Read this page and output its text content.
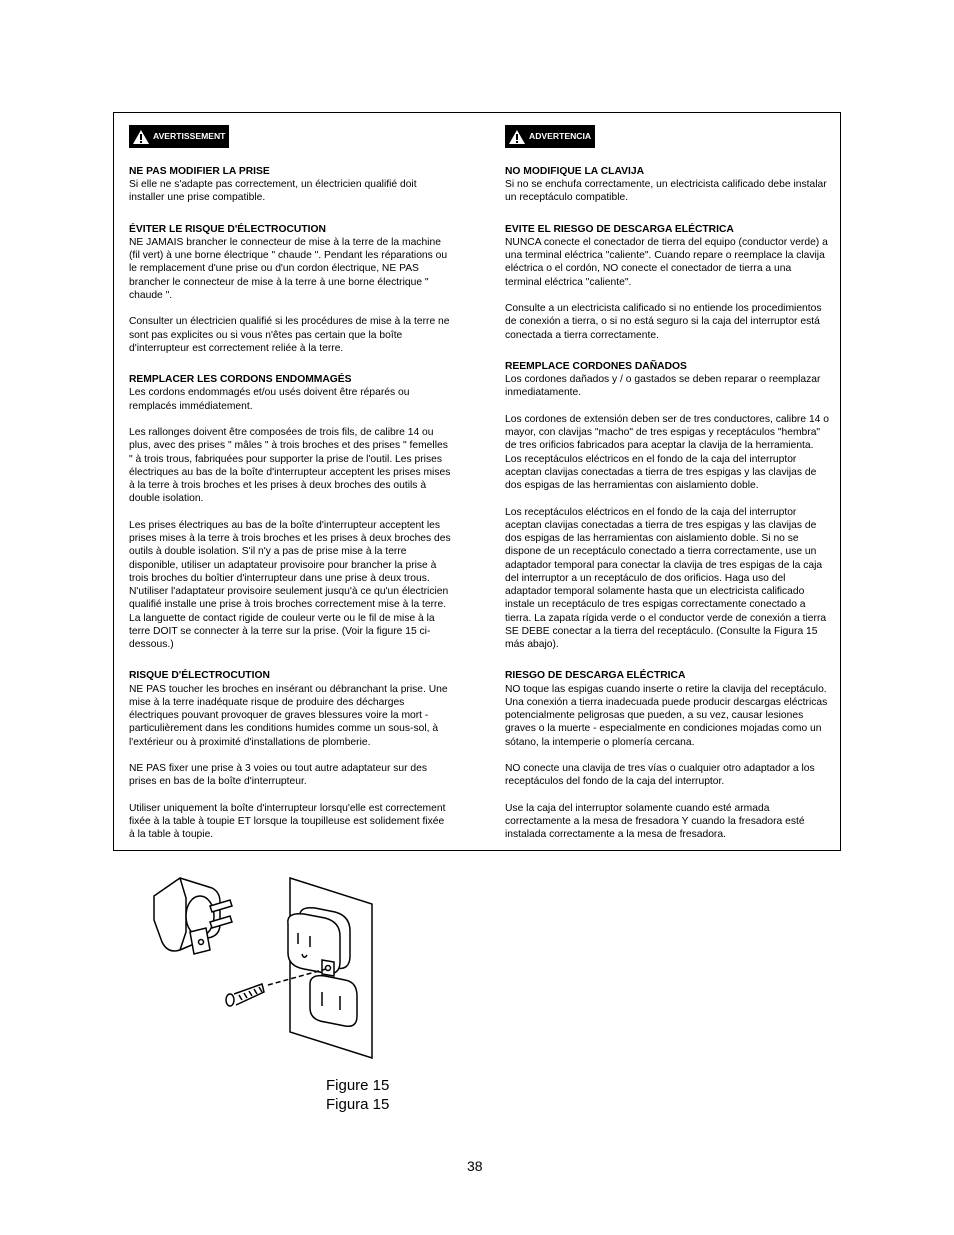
AVERTISSEMENT
NE PAS MODIFIER LA PRISE

Si elle ne s'adapte pas correctement, un électricien qualifié doit installer une prise compatible.

ÉVITER LE RISQUE D'ÉLECTROCUTION

NE JAMAIS brancher le connecteur de mise à la terre de la machine (fil vert) à une borne électrique " chaude ". Pendant les réparations ou le remplacement d'une prise ou d'un cordon électrique, NE PAS brancher le connecteur de mise à la terre à une borne électrique " chaude ".

Consulter un électricien qualifié si les procédures de mise à la terre ne sont pas explicites ou si vous n'êtes pas certain que la boîte d'interrupteur est correctement reliée à la terre.

REMPLACER LES CORDONS ENDOMMAGÉS

Les cordons endommagés et/ou usés doivent être réparés ou remplacés immédiatement.

Les rallonges doivent être composées de trois fils, de calibre 14 ou plus, avec des prises " mâles " à trois broches et des prises " femelles " à trois trous, fabriquées pour supporter la prise de l'outil. Les prises électriques au bas de la boîte d'interrupteur acceptent les prises mises à la terre à trois broches et les prises à deux broches des outils à double isolation.

Les prises électriques au bas de la boîte d'interrupteur acceptent les prises mises à la terre à trois broches et les prises à deux broches des outils à double isolation. S'il n'y a pas de prise mise à la terre disponible, utiliser un adaptateur provisoire pour brancher la prise à trois broches du boîtier d'interrupteur dans une prise à deux trous. N'utiliser l'adaptateur provisoire seulement jusqu'à ce qu'un électricien qualifié installe une prise à trois broches correctement mise à la terre. La languette de contact rigide de couleur verte ou le fil de mise à la terre DOIT se connecter à la terre sur la prise. (Voir la figure 15 ci-dessous.)

RISQUE D'ÉLECTROCUTION

NE PAS toucher les broches en insérant ou débranchant la prise. Une mise à la terre inadéquate risque de produire des décharges électriques pouvant provoquer de graves blessures voire la mort - particulièrement dans les conditions humides comme un sous-sol, à l'extérieur ou à proximité d'installations de plomberie.

NE PAS fixer une prise à 3 voies ou tout autre adaptateur sur des prises en bas de la boîte d'interrupteur.

Utiliser uniquement la boîte d'interrupteur lorsqu'elle est correctement fixée à la table à toupie ET lorsque la toupilleuse est solidement fixée à la table à toupie.

ADVERTENCIA
NO MODIFIQUE LA CLAVIJA

Si no se enchufa correctamente, un electricista calificado debe instalar un receptáculo compatible.

EVITE EL RIESGO DE DESCARGA ELÉCTRICA

NUNCA conecte el conectador de tierra del equipo (conductor verde) a una terminal eléctrica "caliente". Cuando repare o reemplace la clavija eléctrica o el cordón, NO conecte el conectador de tierra a una terminal eléctrica "caliente".

Consulte a un electricista calificado si no entiende los procedimientos de conexión a tierra, o si no está seguro si la caja del interruptor está conectada a tierra correctamente.

REEMPLACE CORDONES DAÑADOS

Los cordones dañados y / o gastados se deben reparar o reemplazar inmediatamente.

Los cordones de extensión deben ser de tres conductores, calibre 14 o mayor, con clavijas "macho" de tres espigas y receptáculos "hembra" de tres orificios fabricados para aceptar la clavija de la herramienta. Los receptáculos eléctricos en el fondo de la caja del interruptor aceptan clavijas conectadas a tierra de tres espigas y las clavijas de dos espigas de las herramientas con aislamiento doble.

Los receptáculos eléctricos en el fondo de la caja del interruptor aceptan clavijas conectadas a tierra de tres espigas y las clavijas de dos espigas de las herramientas con aislamiento doble. Si no se dispone de un receptáculo conectado a tierra correctamente, use un adaptador temporal para conectar la clavija de tres espigas de la caja del interruptor a un receptáculo de dos orificios. Haga uso del adaptador temporal solamente hasta que un electricista calificado instale un receptáculo de tres espigas correctamente conectado a tierra. La zapata rígida verde o el conductor verde de conexión a tierra SE DEBE conectar a la tierra del receptáculo. (Consulte la Figura 15 más abajo).

RIESGO DE DESCARGA ELÉCTRICA

NO toque las espigas cuando inserte o retire la clavija del receptáculo. Una conexión a tierra inadecuada puede producir descargas eléctricas potencialmente peligrosas que pueden, a su vez, causar lesiones graves o la muerte - especialmente en condiciones mojadas como un sótano, la intemperie o plomería cercana.

NO conecte una clavija de tres vías o cualquier otro adaptador a los receptáculos del fondo de la caja del interruptor.

Use la caja del interruptor solamente cuando esté armada correctamente a la mesa de fresadora Y cuando la fresadora esté instalada correctamente a la mesa de fresadora.

Figure 15
Figura 15
38
